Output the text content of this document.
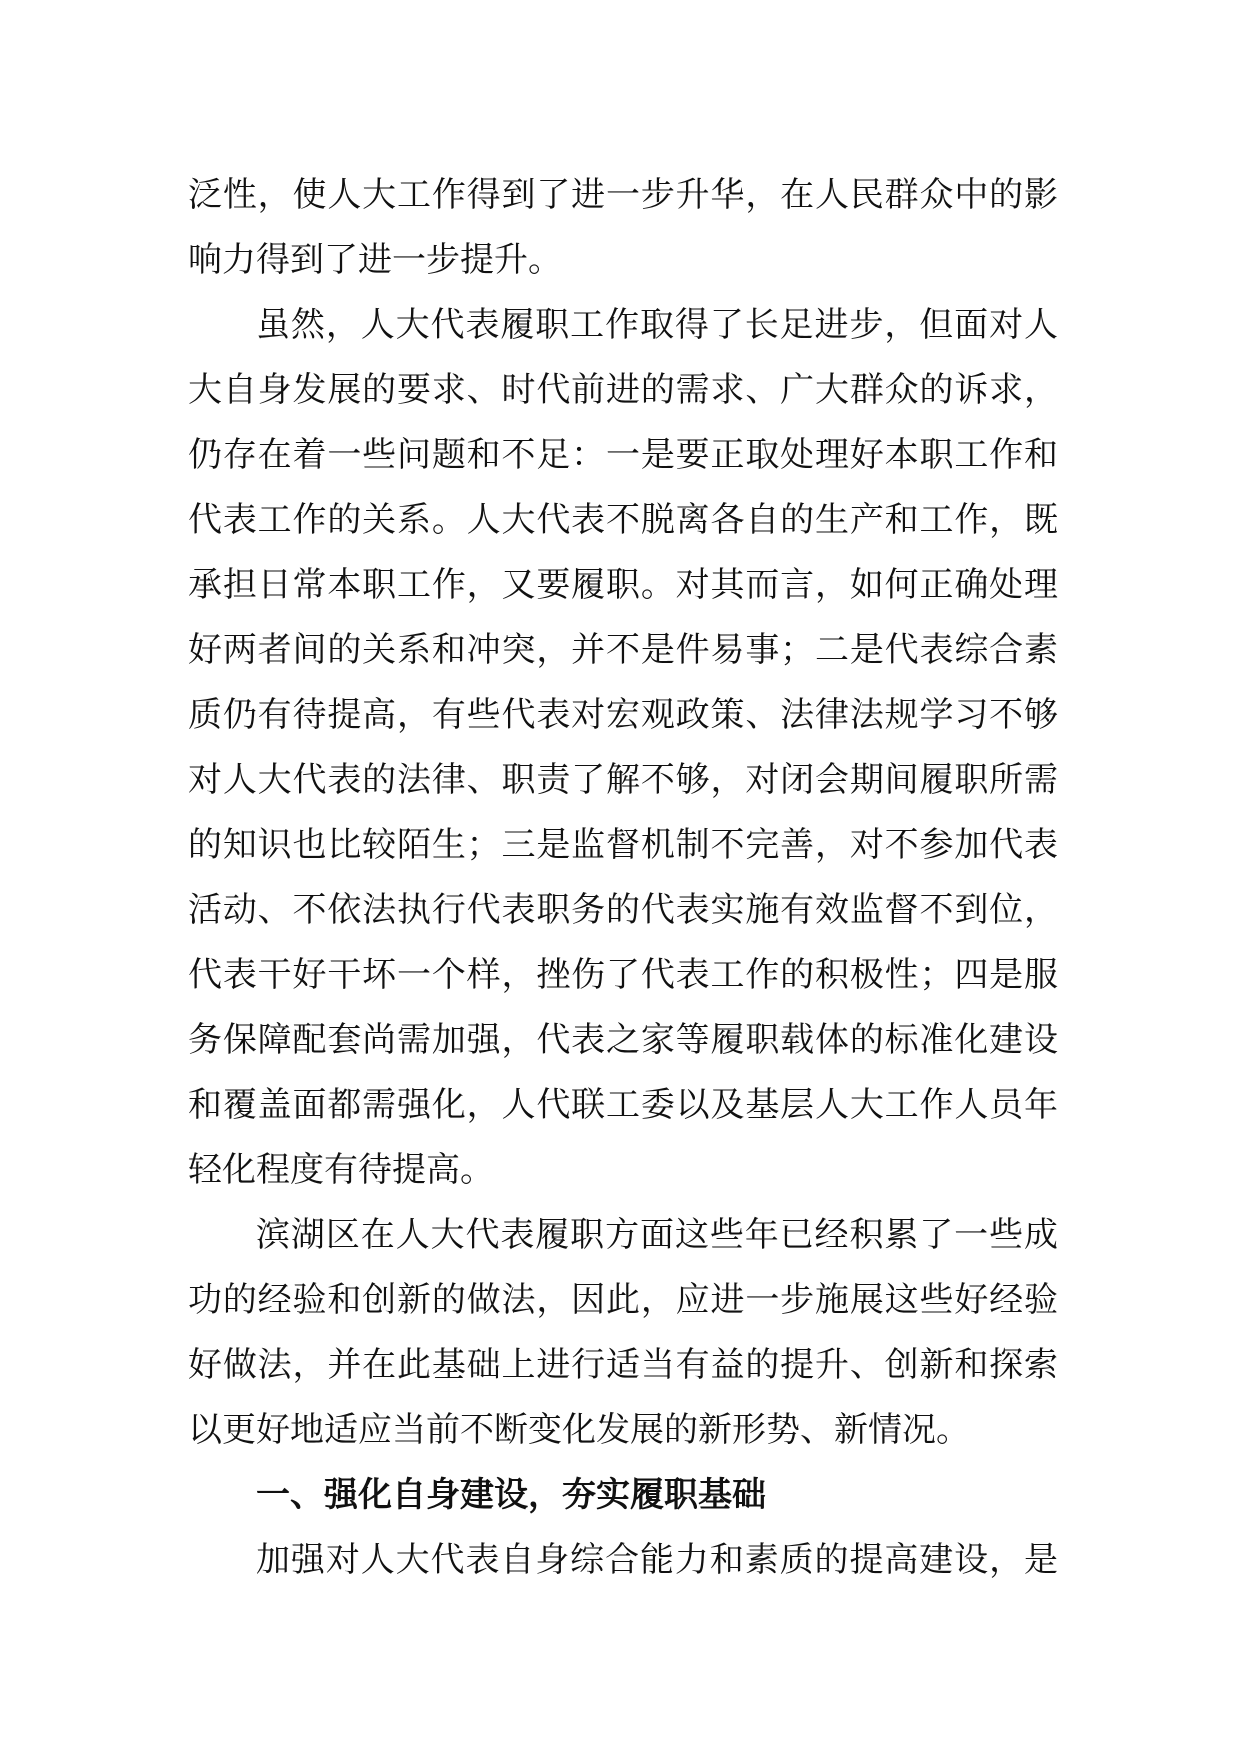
泛性，使人大工作得到了进一步升华，在人民群众中的影
响力得到了进一步提升。
虽然，人大代表履职工作取得了长足进步，但面对人
大自身发展的要求、时代前进的需求、广大群众的诉求，
仍存在着一些问题和不足：一是要正取处理好本职工作和
代表工作的关系。人大代表不脱离各自的生产和工作，既
承担日常本职工作，又要履职。对其而言，如何正确处理
好两者间的关系和冲突，并不是件易事；二是代表综合素
质仍有待提高，有些代表对宏观政策、法律法规学习不够
对人大代表的法律、职责了解不够，对闭会期间履职所需
的知识也比较陌生；三是监督机制不完善，对不参加代表
活动、不依法执行代表职务的代表实施有效监督不到位，
代表干好干坏一个样，挫伤了代表工作的积极性；四是服
务保障配套尚需加强，代表之家等履职载体的标准化建设
和覆盖面都需强化，人代联工委以及基层人大工作人员年
轻化程度有待提高。
滨湖区在人大代表履职方面这些年已经积累了一些成
功的经验和创新的做法，因此，应进一步施展这些好经验
好做法，并在此基础上进行适当有益的提升、创新和探索
以更好地适应当前不断变化发展的新形势、新情况。
一、强化自身建设，夯实履职基础
加强对人大代表自身综合能力和素质的提高建设，是
